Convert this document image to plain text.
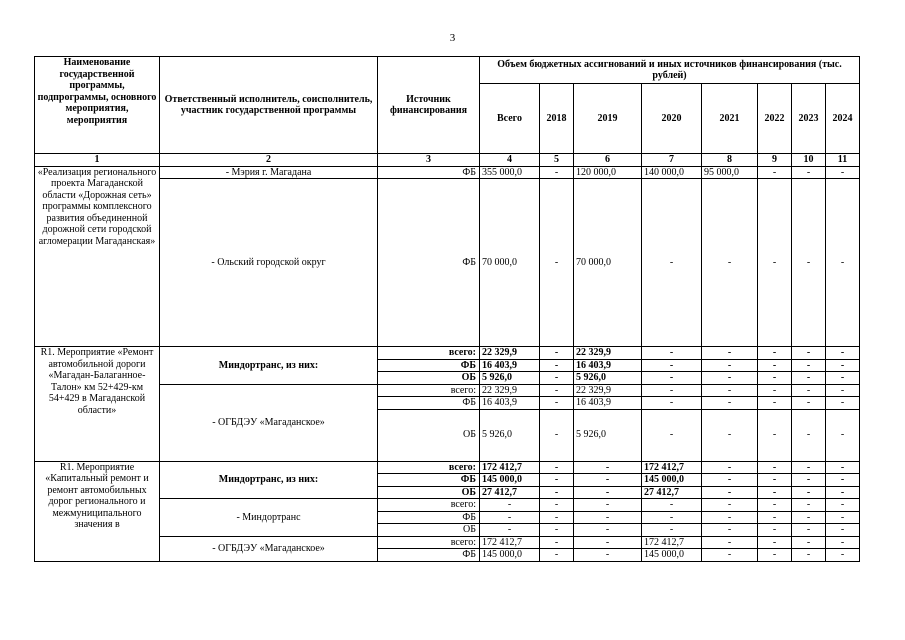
3
Наименование государственной программы, подпрограммы, основного мероприятия, мероприятия	Ответственный исполнитель, соисполнитель, участник государственной программы	Источник финансирования	Объем бюджетных ассигнований и иных источников финансирования (тыс. рублей)							
			Всего	2018	2019	2020	2021	2022	2023	2024
1	2	3	4	5	6	7	8	9	10	11
«Реализация регионального проекта Магаданской области «Дорожная сеть» программы комплексного развития объединенной дорожной сети городской агломерации Магаданская»	- Мэрия г. Магадана	ФБ	355 000,0	-	120 000,0	140 000,0	95 000,0	-	-	-
	- Ольский городской округ	ФБ	70 000,0	-	70 000,0	-	-	-	-	-
R1. Мероприятие «Ремонт автомобильной дороги «Магадан-Балаганное-Талон» км 52+429-км 54+429 в Магаданской области»	Миндортранс, из них:	всего:	22 329,9	-	22 329,9	-	-	-	-	-
		ФБ	16 403,9	-	16 403,9	-	-	-	-	-
		ОБ	5 926,0	-	5 926,0	-	-	-	-	-
	- ОГБДЭУ «Магаданское»	всего:	22 329,9	-	22 329,9	-	-	-	-	-
		ФБ	16 403,9	-	16 403,9	-	-	-	-	-
		ОБ	5 926,0	-	5 926,0	-	-	-	-	-
R1. Мероприятие «Капитальный ремонт и ремонт автомобильных дорог регионального и межмуниципального значения в	Миндортранс, из них:	всего:	172 412,7	-	-	172 412,7	-	-	-	-
		ФБ	145 000,0	-	-	145 000,0	-	-	-	-
		ОБ	27 412,7	-	-	27 412,7	-	-	-	-
	- Миндортранс	всего:	-	-	-	-	-	-	-	-
		ФБ	-	-	-	-	-	-	-	-
		ОБ	-	-	-	-	-	-	-	-
	- ОГБДЭУ «Магаданское»	всего:	172 412,7	-	-	172 412,7	-	-	-	-
		ФБ	145 000,0	-	-	145 000,0	-	-	-	-
